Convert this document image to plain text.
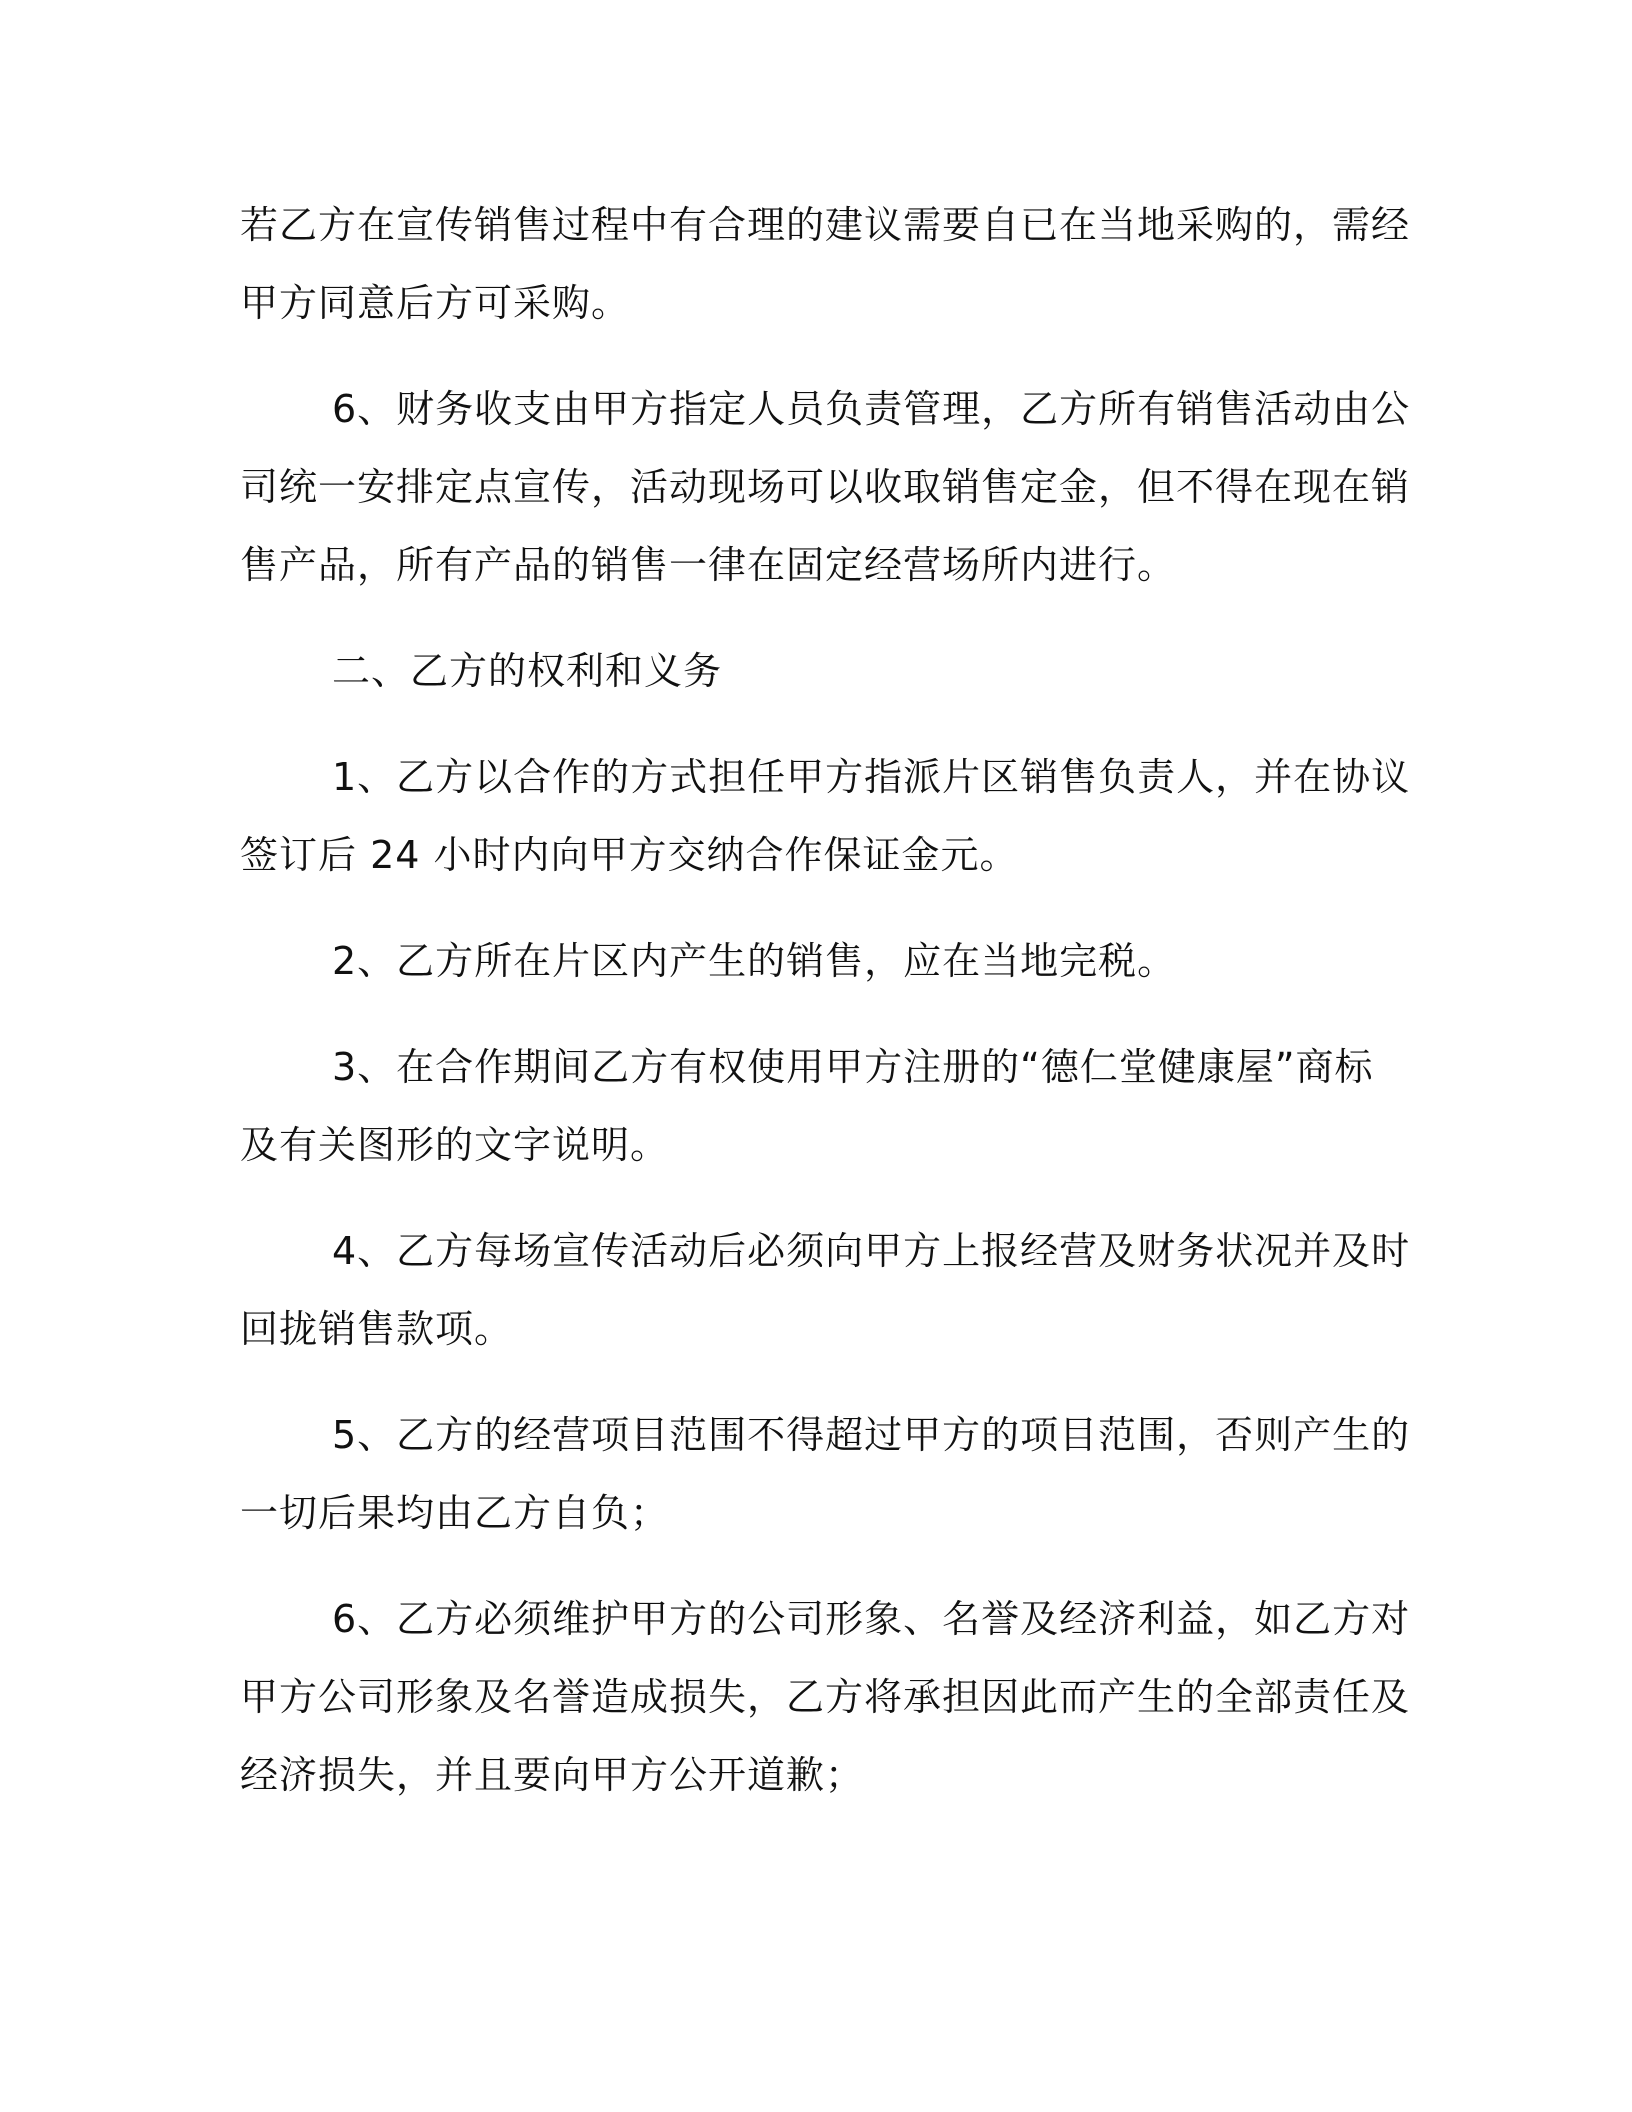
若乙方在宣传销售过程中有合理的建议需要自已在当地采购的，需经
甲方同意后方可采购。

6、财务收支由甲方指定人员负责管理，乙方所有销售活动由公
司统一安排定点宣传，活动现场可以收取销售定金，但不得在现在销
售产品，所有产品的销售一律在固定经营场所内进行。

二、乙方的权利和义务

1、乙方以合作的方式担任甲方指派片区销售负责人，并在协议
签订后 24 小时内向甲方交纳合作保证金元。

2、乙方所在片区内产生的销售，应在当地完税。

3、在合作期间乙方有权使用甲方注册的“德仁堂健康屋”商标
及有关图形的文字说明。

4、乙方每场宣传活动后必须向甲方上报经营及财务状况并及时
回拢销售款项。

5、乙方的经营项目范围不得超过甲方的项目范围，否则产生的
一切后果均由乙方自负；

6、乙方必须维护甲方的公司形象、名誉及经济利益，如乙方对
甲方公司形象及名誉造成损失，乙方将承担因此而产生的全部责任及
经济损失，并且要向甲方公开道歉；
